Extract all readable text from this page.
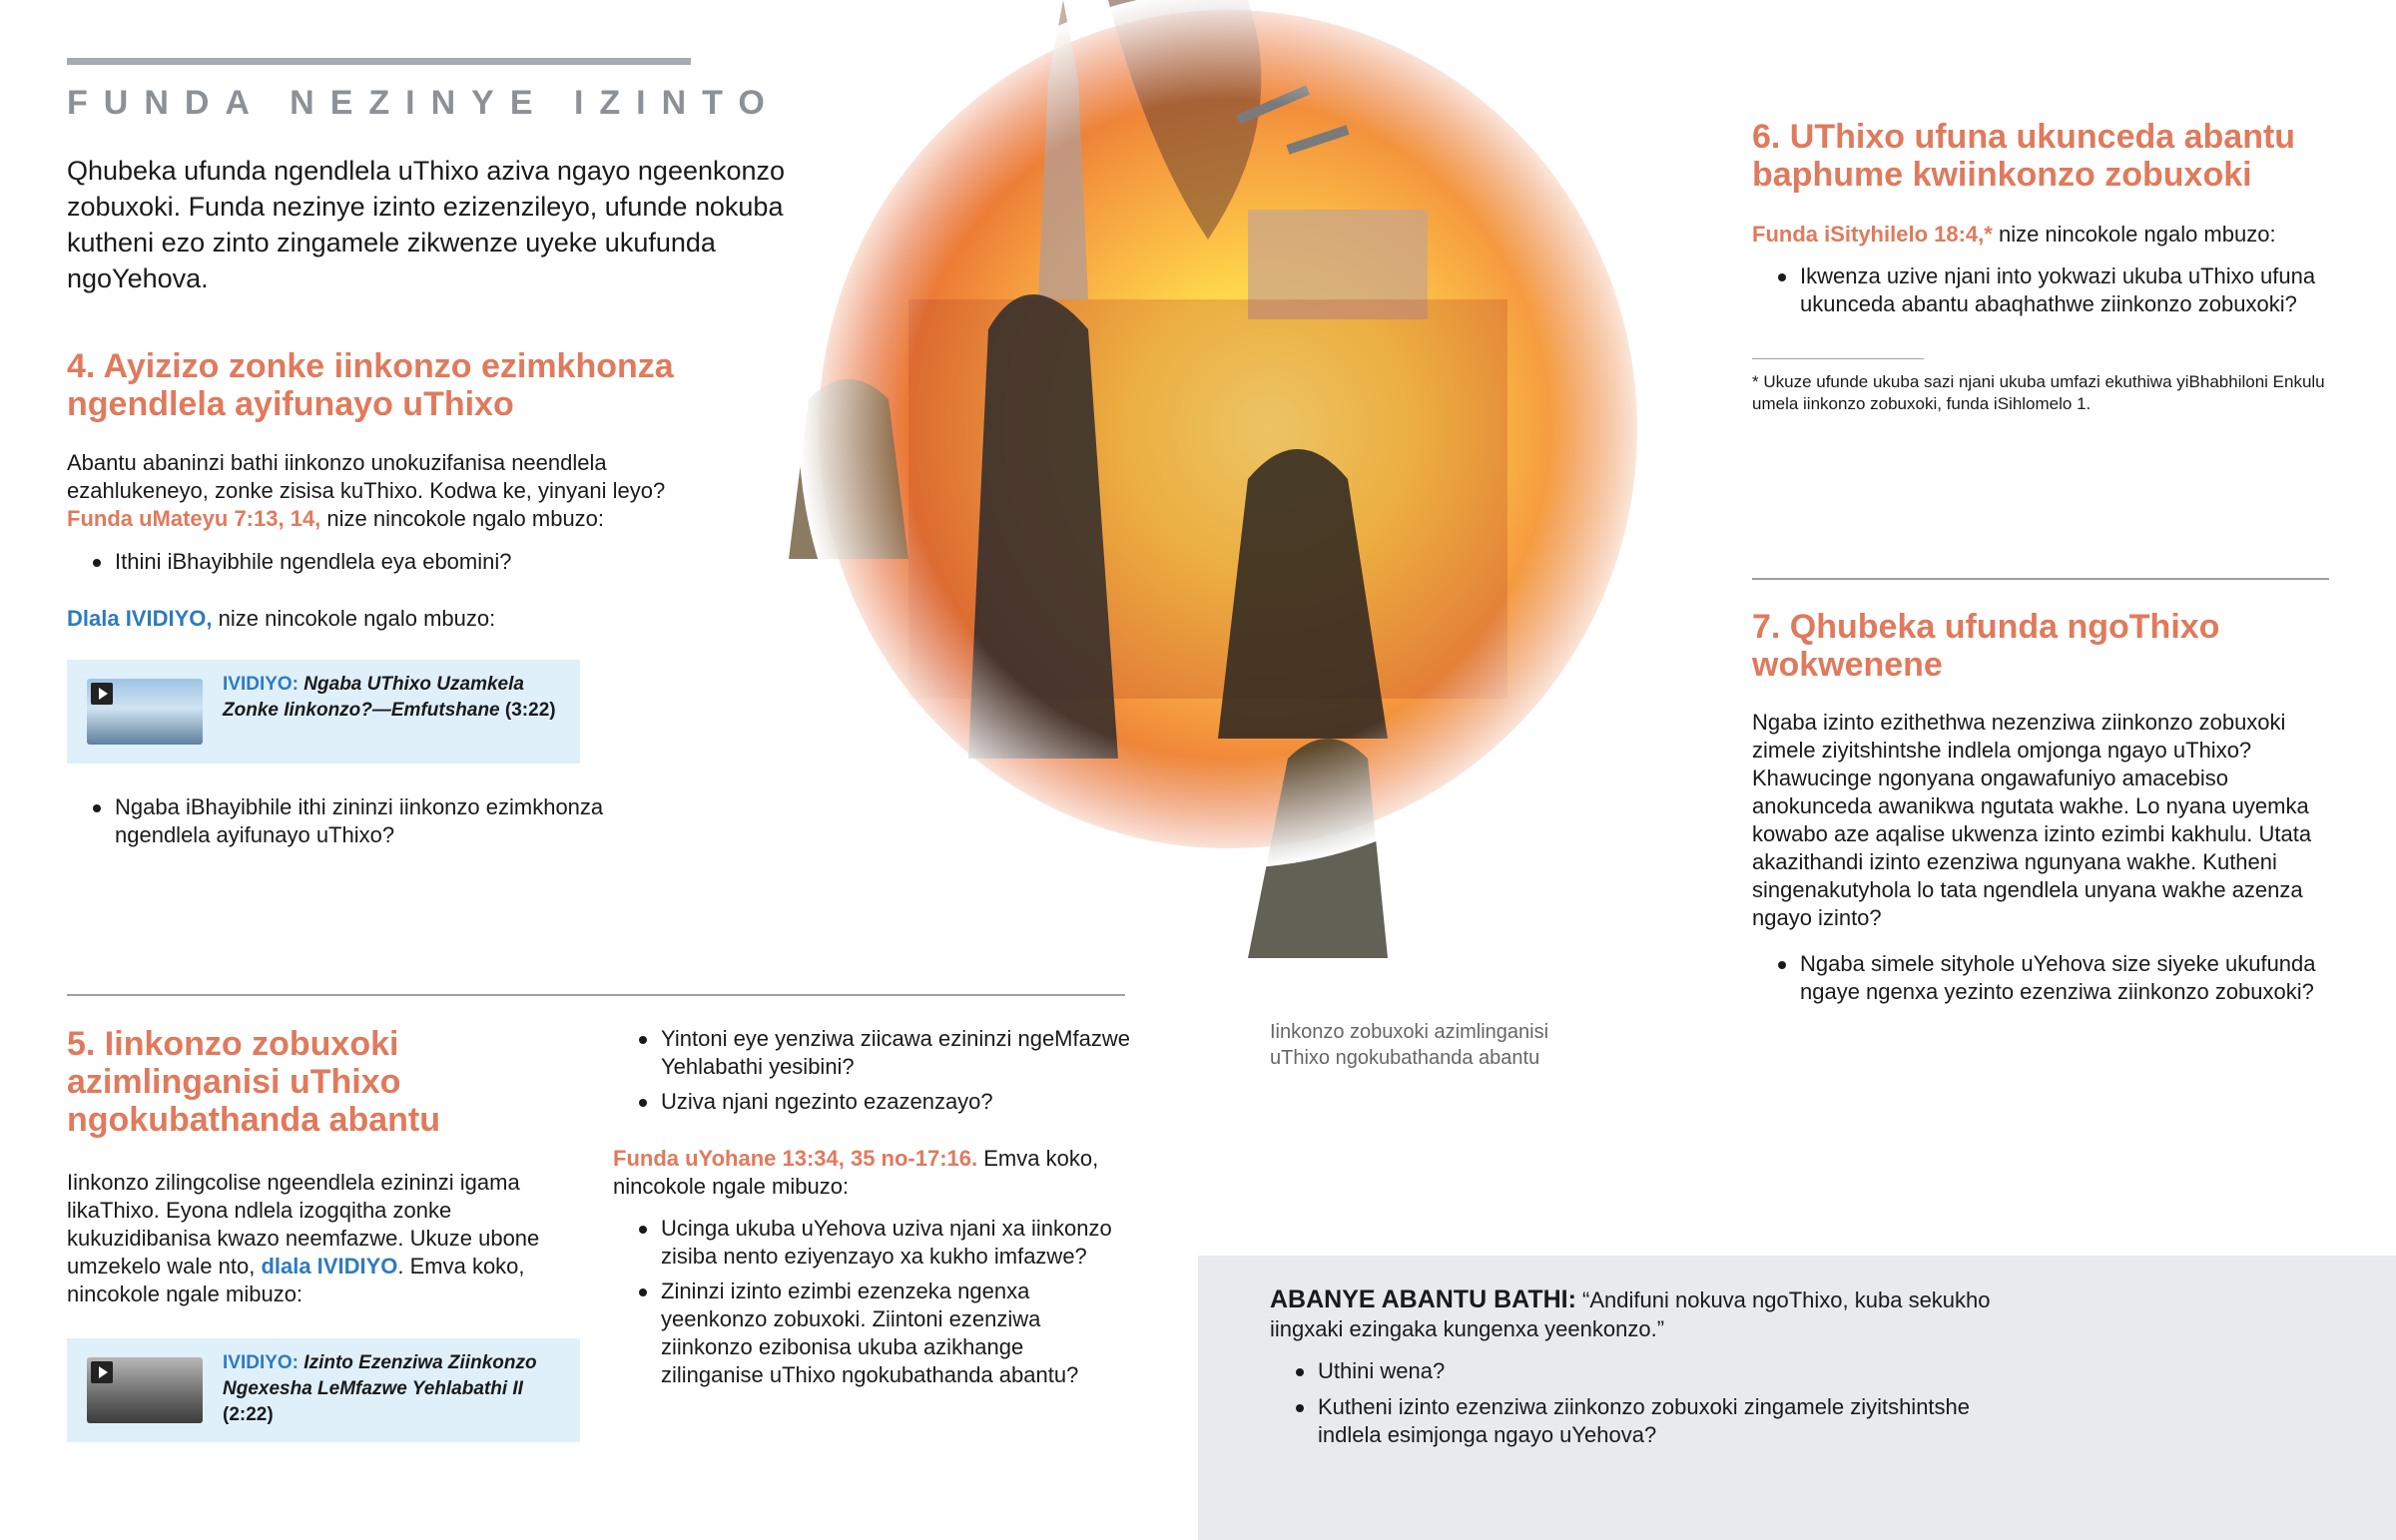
FUNDA NEZINYE IZINTO
Qhubeka ufunda ngendlela uThixo aziva ngayo ngeenkonzo zobuxoki. Funda nezinye izinto ezizenzileyo, ufunde nokuba kutheni ezo zinto zingamele zikwenze uyeke ukufunda ngoYehova.
4. Ayizizo zonke iinkonzo ezimkhonza ngendlela ayifunayo uThixo
Abantu abaninzi bathi iinkonzo unokuzifanisa neendlela ezahlukeneyo, zonke zisisa kuThixo. Kodwa ke, yinyani leyo? Funda uMateyu 7:13, 14, nize nincokole ngalo mbuzo:
Ithini iBhayibhile ngendlela eya ebomini?
Dlala IVIDIYO, nize nincokole ngalo mbuzo:
IVIDIYO: Ngaba UThixo Uzamkela Zonke Iinkonzo?—Emfutshane (3:22)
Ngaba iBhayibhile ithi zininzi iinkonzo ezimkhonza ngendlela ayifunayo uThixo?
5. Iinkonzo zobuxoki azimlinganisi uThixo ngokubathanda abantu
Iinkonzo zilingcolise ngeendlela ezininzi igama likaThixo. Eyona ndlela izogqitha zonke kukuzidibanisa kwazo neemfazwe. Ukuze ubone umzekelo wale nto, dlala IVIDIYO. Emva koko, nincokole ngale mibuzo:
IVIDIYO: Izinto Ezenziwa Ziinkonzo Ngexesha LeMfazwe Yehlabathi II (2:22)
Yintoni eye yenziwa ziicawa ezininzi ngeMfazwe Yehlabathi yesibini?
Uziva njani ngezinto ezazenzayo?
Funda uYohane 13:34, 35 no-17:16. Emva koko, nincokole ngale mibuzo:
Ucinga ukuba uYehova uziva njani xa iinkonzo zisiba nento eziyenzayo xa kukho imfazwe?
Zininzi izinto ezimbi ezenzeka ngenxa yeenkonzo zobuxoki. Ziintoni ezenziwa ziinkonzo ezibonisa ukuba azikhange zilinganise uThixo ngokubathanda abantu?
Iinkonzo zobuxoki azimlinganisi uThixo ngokubathanda abantu
6. UThixo ufuna ukunceda abantu baphume kwiinkonzo zobuxoki
Funda iSityhilelo 18:4,* nize nincokole ngalo mbuzo:
Ikwenza uzive njani into yokwazi ukuba uThixo ufuna ukunceda abantu abaqhathwe ziinkonzo zobuxoki?
* Ukuze ufunde ukuba sazi njani ukuba umfazi ekuthiwa yiBhabhiloni Enkulu umela iinkonzo zobuxoki, funda iSihlomelo 1.
7. Qhubeka ufunda ngoThixo wokwenene
Ngaba izinto ezithethwa nezenziwa ziinkonzo zobuxoki zimele ziyitshintshe indlela omjonga ngayo uThixo? Khawucinge ngonyana ongawafuniyo amacebiso anokunceda awanikwa ngutata wakhe. Lo nyana uyemka kowabo aze aqalise ukwenza izinto ezimbi kakhulu. Utata akazithandi izinto ezenziwa ngunyana wakhe. Kutheni singenakutyhola lo tata ngendlela unyana wakhe azenza ngayo izinto?
Ngaba simele sityhole uYehova size siyeke ukufunda ngaye ngenxa yezinto ezenziwa ziinkonzo zobuxoki?
ABANYE ABANTU BATHI: “Andifuni nokuva ngoThixo, kuba sekukho iingxaki ezingaka kungenxa yeenkonzo.”
Uthini wena?
Kutheni izinto ezenziwa ziinkonzo zobuxoki zingamele ziyitshintshe indlela esimjonga ngayo uYehova?
